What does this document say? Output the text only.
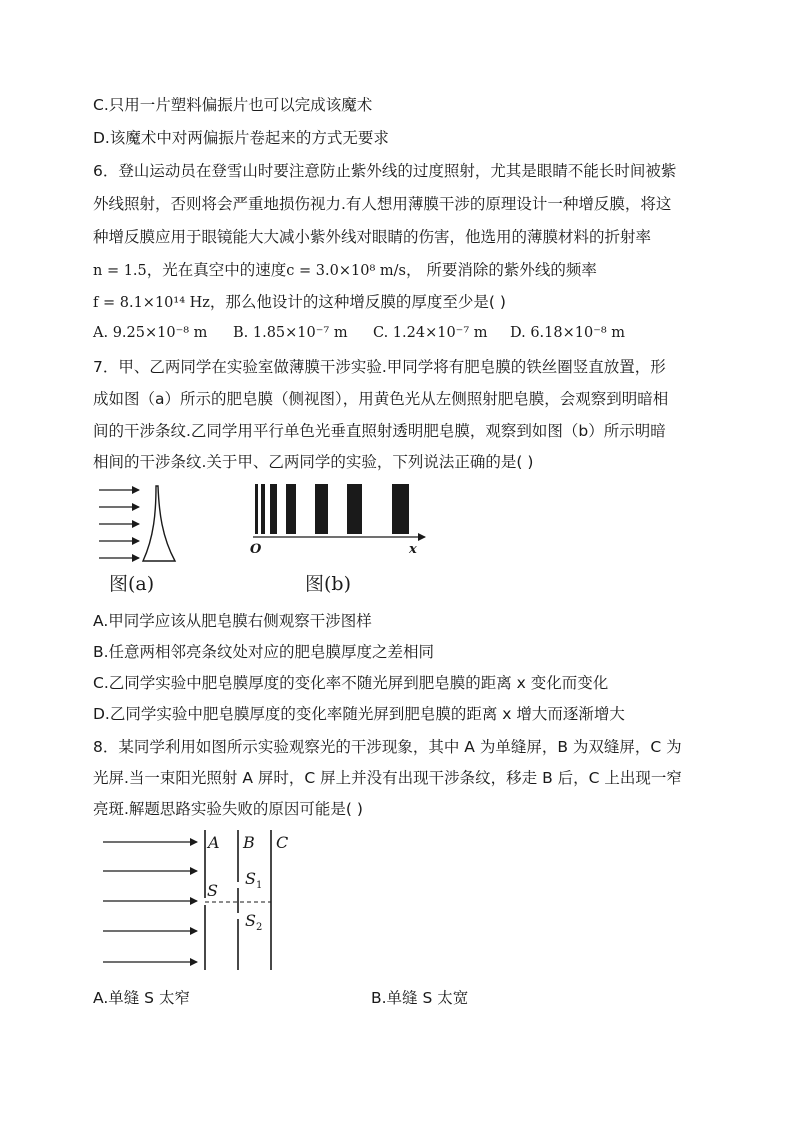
C.只用一片塑料偏振片也可以完成该魔术
D.该魔术中对两偏振片卷起来的方式无要求
6．登山运动员在登雪山时要注意防止紫外线的过度照射，尤其是眼睛不能长时间被紫
外线照射，否则将会严重地损伤视力.有人想用薄膜干涉的原理设计一种增反膜，将这
种增反膜应用于眼镜能大大减小紫外线对眼睛的伤害，他选用的薄膜材料的折射率
n = 1.5，光在真空中的速度c = 3.0×10⁸ m/s， 所要消除的紫外线的频率
f = 8.1×10¹⁴ Hz，那么他设计的这种增反膜的厚度至少是( )
A. 9.25×10⁻⁸ m B. 1.85×10⁻⁷ m C. 1.24×10⁻⁷ m D. 6.18×10⁻⁸ m
7．甲、乙两同学在实验室做薄膜干涉实验.甲同学将有肥皂膜的铁丝圈竖直放置，形
成如图（a）所示的肥皂膜（侧视图），用黄色光从左侧照射肥皂膜，会观察到明暗相
间的干涉条纹.乙同学用平行单色光垂直照射透明肥皂膜，观察到如图（b）所示明暗
相间的干涉条纹.关于甲、乙两同学的实验，下列说法正确的是( )
图(a)
O	x
图(b)
A.甲同学应该从肥皂膜右侧观察干涉图样
B.任意两相邻亮条纹处对应的肥皂膜厚度之差相同
C.乙同学实验中肥皂膜厚度的变化率不随光屏到肥皂膜的距离 x 变化而变化
D.乙同学实验中肥皂膜厚度的变化率随光屏到肥皂膜的距离 x 增大而逐渐增大
8．某同学利用如图所示实验观察光的干涉现象，其中 A 为单缝屏，B 为双缝屏，C 为
光屏.当一束阳光照射 A 屏时，C 屏上并没有出现干涉条纹，移走 B 后，C 上出现一窄
亮斑.解题思路实验失败的原因可能是( )
A B C
S
$S_1$
$S_2$
A.单缝 S 太窄	B.单缝 S 太宽
